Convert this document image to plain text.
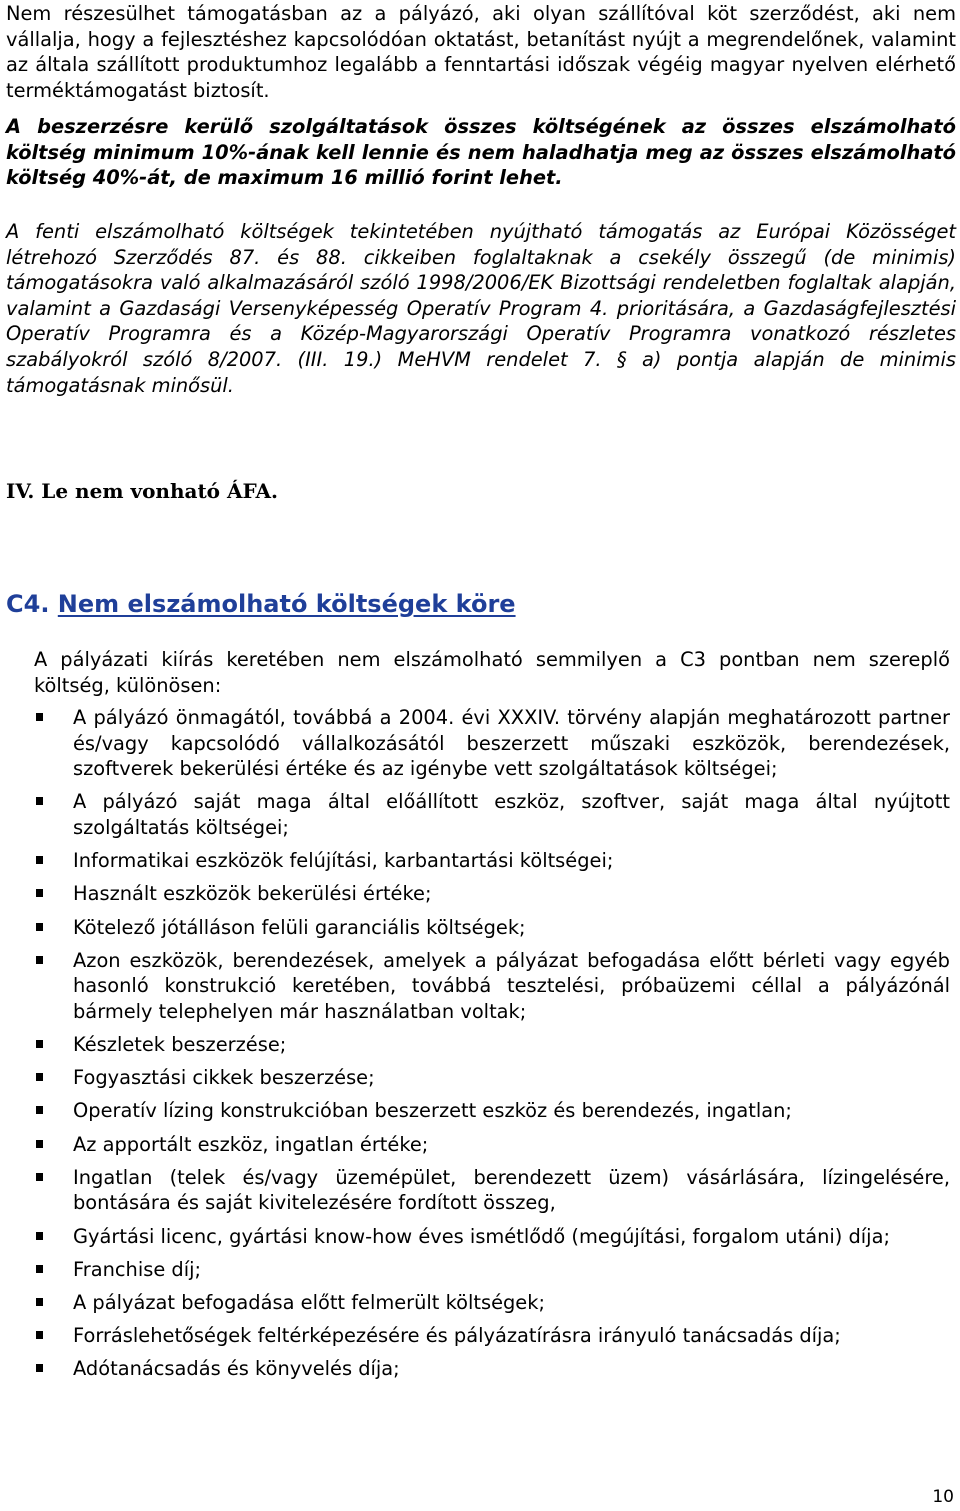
Nem részesülhet támogatásban az a pályázó, aki olyan szállítóval köt szerződést, aki nem vállalja, hogy a fejlesztéshez kapcsolódóan oktatást, betanítást nyújt a megrendelőnek, valamint az általa szállított produktumhoz legalább a fenntartási időszak végéig magyar nyelven elérhető terméktámogatást biztosít.

A beszerzésre kerülő szolgáltatások összes költségének az összes elszámolható költség minimum 10%-ának kell lennie és nem haladhatja meg az összes elszámolható költség 40%-át, de maximum 16 millió forint lehet.

A fenti elszámolható költségek tekintetében nyújtható támogatás az Európai Közösséget létrehozó Szerződés 87. és 88. cikkeiben foglaltaknak a csekély összegű (de minimis) támogatásokra való alkalmazásáról szóló 1998/2006/EK Bizottsági rendeletben foglaltak alapján, valamint a Gazdasági Versenyképesség Operatív Program 4. prioritására, a Gazdaságfejlesztési Operatív Programra és a Közép-Magyarországi Operatív Programra vonatkozó részletes szabályokról szóló 8/2007. (III. 19.) MeHVM rendelet 7. § a) pontja alapján de minimis támogatásnak minősül.

IV. Le nem vonható ÁFA.
C4. Nem elszámolható költségek köre

A pályázati kiírás keretében nem elszámolható semmilyen a C3 pontban nem szereplő költség, különösen:

A pályázó önmagától, továbbá a 2004. évi XXXIV. törvény alapján meghatározott partner és/vagy kapcsolódó vállalkozásától beszerzett műszaki eszközök, berendezések, szoftverek bekerülési értéke és az igénybe vett szolgáltatások költségei;
A pályázó saját maga által előállított eszköz, szoftver, saját maga által nyújtott szolgáltatás költségei;
Informatikai eszközök felújítási, karbantartási költségei;
Használt eszközök bekerülési értéke;
Kötelező jótálláson felüli garanciális költségek;
Azon eszközök, berendezések, amelyek a pályázat befogadása előtt bérleti vagy egyéb hasonló konstrukció keretében, továbbá tesztelési, próbaüzemi céllal a pályázónál bármely telephelyen már használatban voltak;
Készletek beszerzése;
Fogyasztási cikkek beszerzése;
Operatív lízing konstrukcióban beszerzett eszköz és berendezés, ingatlan;
Az apportált eszköz, ingatlan értéke;
Ingatlan (telek és/vagy üzemépület, berendezett üzem) vásárlására, lízingelésére, bontására és saját kivitelezésére fordított összeg,
Gyártási licenc, gyártási know-how éves ismétlődő (megújítási, forgalom utáni) díja;
Franchise díj;
A pályázat befogadása előtt felmerült költségek;
Forráslehetőségek feltérképezésére és pályázatírásra irányuló tanácsadás díja;
Adótanácsadás és könyvelés díja;
10
